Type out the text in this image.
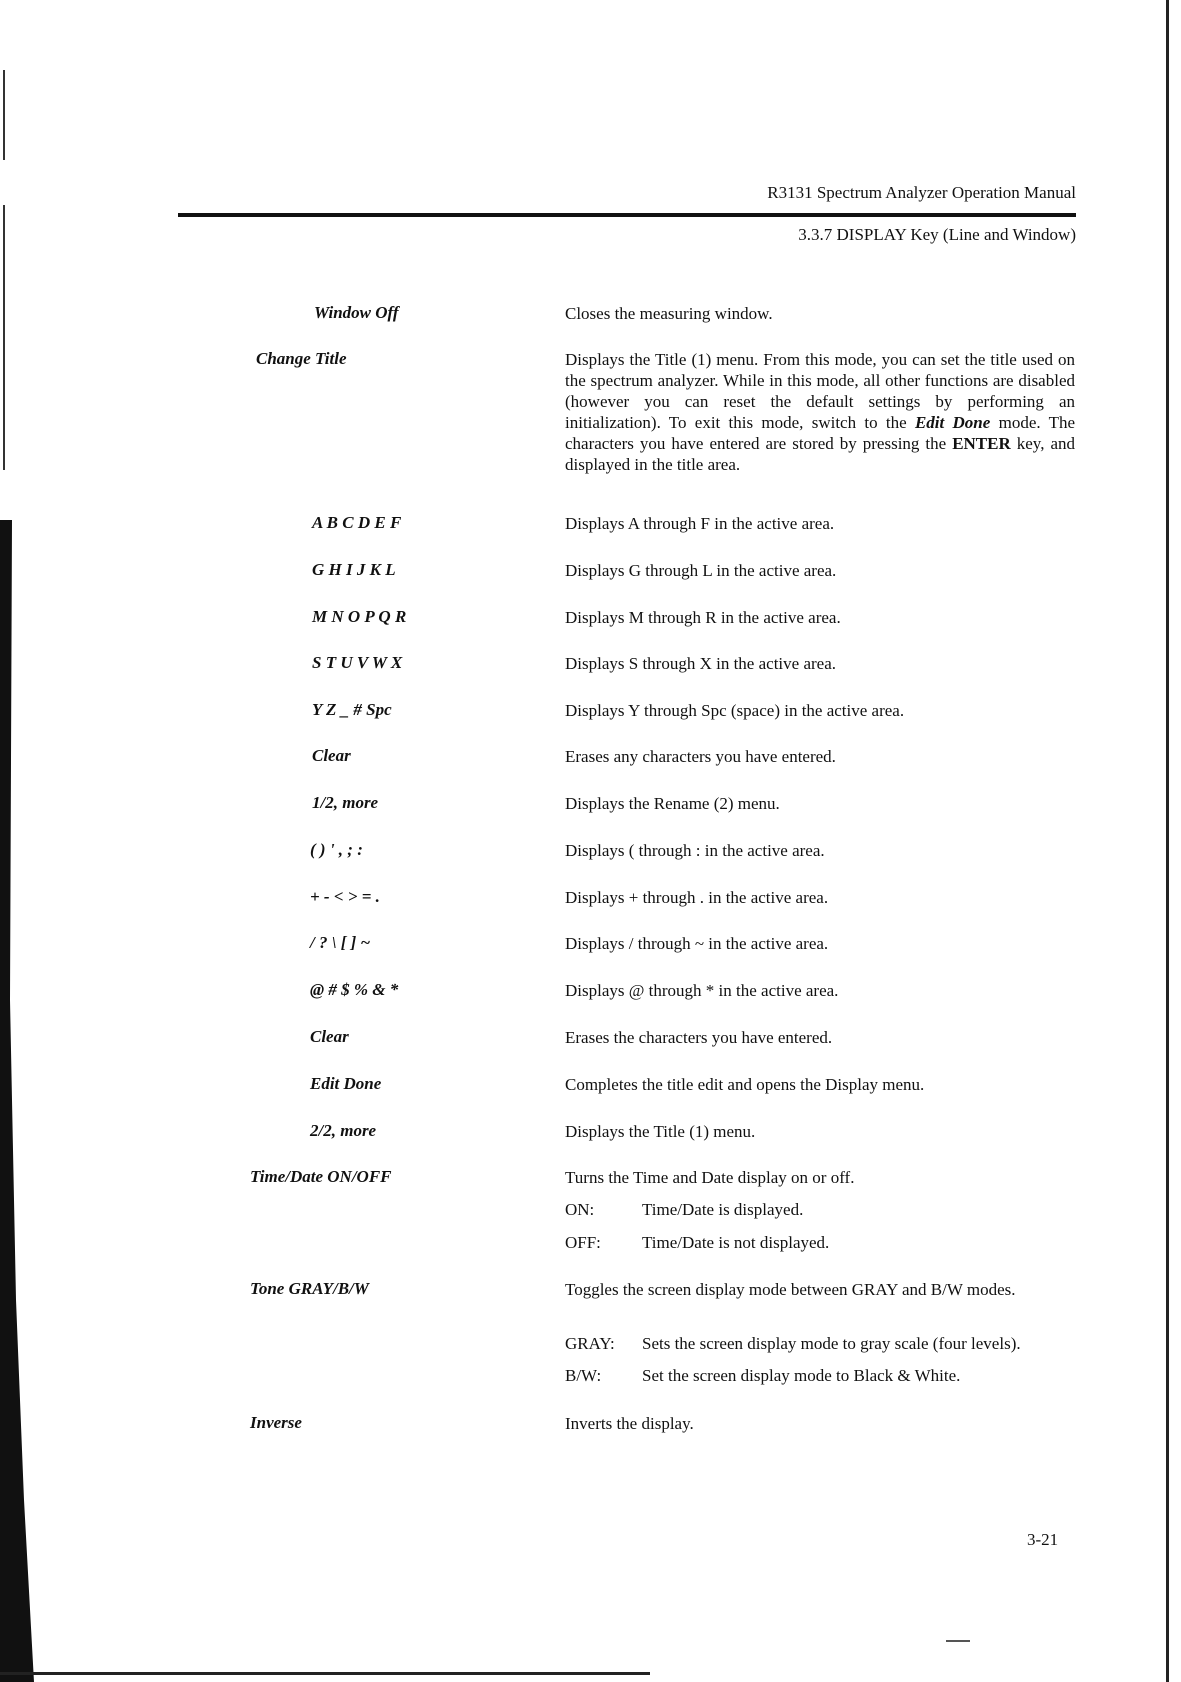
R3131 Spectrum Analyzer Operation Manual
3.3.7 DISPLAY Key (Line and Window)
Window Off	Closes the measuring window.
Change Title	Displays the Title (1) menu. From this mode, you can set the title used on the spectrum analyzer. While in this mode, all other functions are disabled (however you can reset the default settings by performing an initialization). To exit this mode, switch to the Edit Done mode. The characters you have entered are stored by pressing the ENTER key, and displayed in the title area.
A B C D E F	Displays A through F in the active area.
G H I J K L	Displays G through L in the active area.
M N O P Q R	Displays M through R in the active area.
S T U V W X	Displays S through X in the active area.
Y Z _ # Spc	Displays Y through Spc (space) in the active area.
Clear	Erases any characters you have entered.
1/2, more	Displays the Rename (2) menu.
( ) ' , ; :	Displays ( through : in the active area.
+ - < > = .	Displays + through . in the active area.
/ ? \ [ ] ~	Displays / through ~ in the active area.
@ # $ % & *	Displays @ through * in the active area.
Clear	Erases the characters you have entered.
Edit Done	Completes the title edit and opens the Display menu.
2/2, more	Displays the Title (1) menu.
Time/Date ON/OFF	Turns the Time and Date display on or off.
ON:	Time/Date is displayed.
OFF: Time/Date is not displayed.
Tone GRAY/B/W	Toggles the screen display mode between GRAY and B/W modes.
GRAY: Sets the screen display mode to gray scale (four levels).
B/W: Set the screen display mode to Black & White.
Inverse	Inverts the display.
3-21
